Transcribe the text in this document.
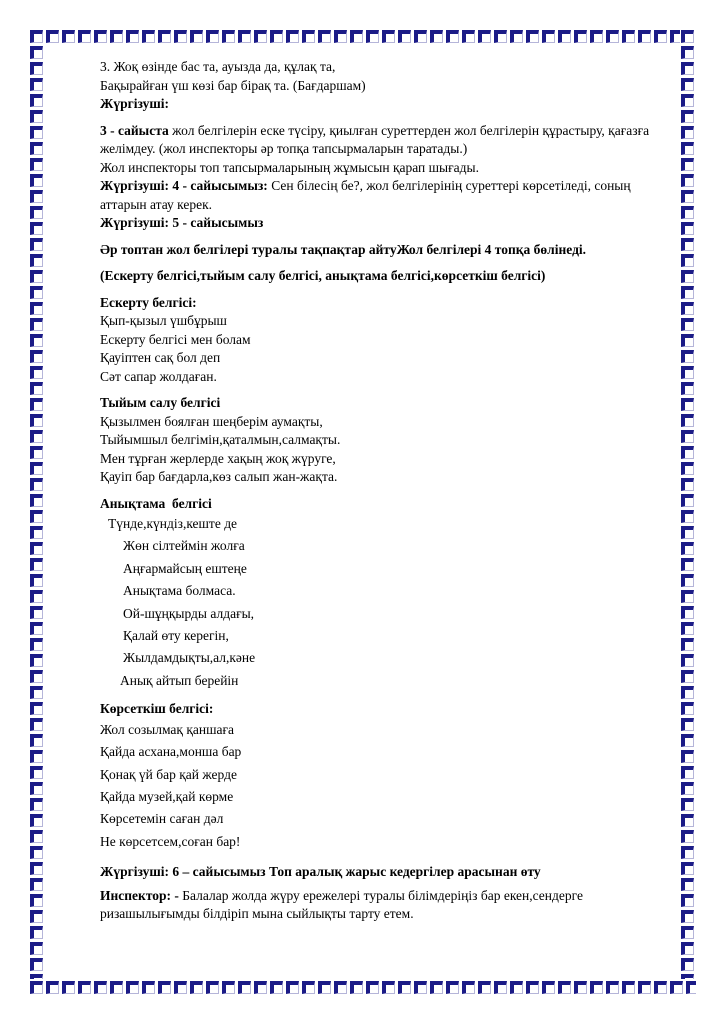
3. Жоқ өзінде бас та, ауызда да, құлақ та,
Бақырайған үш көзі бар бірақ та. (Бағдаршам)
Жүргізуші:
3 - сайыста жол белгілерін еске түсіру, қиылған суреттерден жол белгілерін құрастыру, қағазға желімдеу. (жол инспекторы әр топқа тапсырмаларын таратады.)
Жол инспекторы топ тапсырмаларының жұмысын қарап шығады.
Жүргізуші: 4 - сайысымыз: Сен білесің бе?, жол белгілерінің суреттері көрсетіледі, соның аттарын атау керек.
Жүргізуші: 5 - сайысымыз
Әр топтан жол белгілері туралы тақпақтар айтуЖол белгілері 4 топқа бөлінеді.
(Ескерту белгісі,тыйым салу белгісі, анықтама белгісі,көрсеткіш белгісі)
Ескерту белгісі:
Қып-қызыл үшбұрыш
Ескерту белгісі мен болам
Қауіптен сақ бол деп
Сәт сапар жолдаған.
Тыйым салу белгісі
Қызылмен боялған шеңберім аумақты,
Тыйымшыл белгімін,қаталмын,салмақты.
Мен тұрған жерлерде хақың жоқ жүруге,
Қауіп бар бағдарла,көз салып жан-жақта.
Анықтама  белгісі
Түнде,күндіз,кеште де
Жөн сілтеймін жолға
Аңғармайсың ештеңе
Анықтама болмаса.
Ой-шұңқырды алдағы,
Қалай өту керегін,
Жылдамдықты,ал,кәне
Анық айтып берейін
Көрсеткіш белгісі:
Жол созылмақ қаншаға
Қайда асхана,монша бар
Қонақ үй бар қай жерде
Қайда музей,қай көрме
Көрсетемін саған дәл
Не көрсетсем,соған бар!
Жүргізуші: 6 – сайысымыз Топ аралық жарыс кедергілер арасынан өту
Инспектор: - Балалар жолда жүру ережелері туралы білімдеріңіз бар екен,сендерге ризашылығымды білдіріп мына сыйлықты тарту етем.
